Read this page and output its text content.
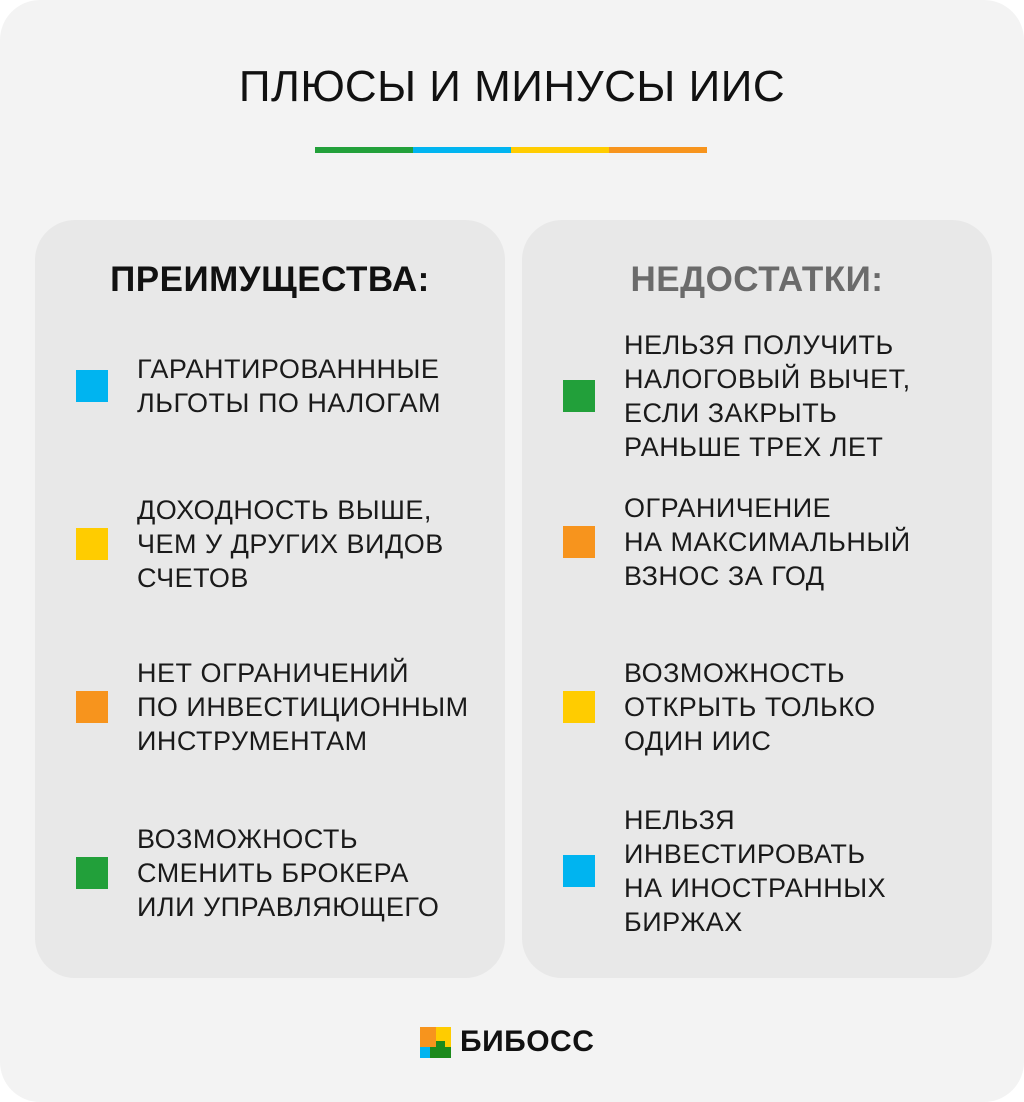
ПЛЮСЫ И МИНУСЫ ИИС
ПРЕИМУЩЕСТВА:
ГАРАНТИРОВАНННЫЕ
ЛЬГОТЫ ПО НАЛОГАМ
ДОХОДНОСТЬ ВЫШЕ,
ЧЕМ У ДРУГИХ ВИДОВ
СЧЕТОВ
НЕТ ОГРАНИЧЕНИЙ
ПО ИНВЕСТИЦИОННЫМ
ИНСТРУМЕНТАМ
ВОЗМОЖНОСТЬ
СМЕНИТЬ БРОКЕРА
ИЛИ УПРАВЛЯЮЩЕГО
НЕДОСТАТКИ:
НЕЛЬЗЯ ПОЛУЧИТЬ
НАЛОГОВЫЙ ВЫЧЕТ,
ЕСЛИ ЗАКРЫТЬ
РАНЬШЕ ТРЕХ ЛЕТ
ОГРАНИЧЕНИЕ
НА МАКСИМАЛЬНЫЙ
ВЗНОС ЗА ГОД
ВОЗМОЖНОСТЬ
ОТКРЫТЬ ТОЛЬКО
ОДИН ИИС
НЕЛЬЗЯ
ИНВЕСТИРОВАТЬ
НА ИНОСТРАННЫХ
БИРЖАХ
БИБОСС
